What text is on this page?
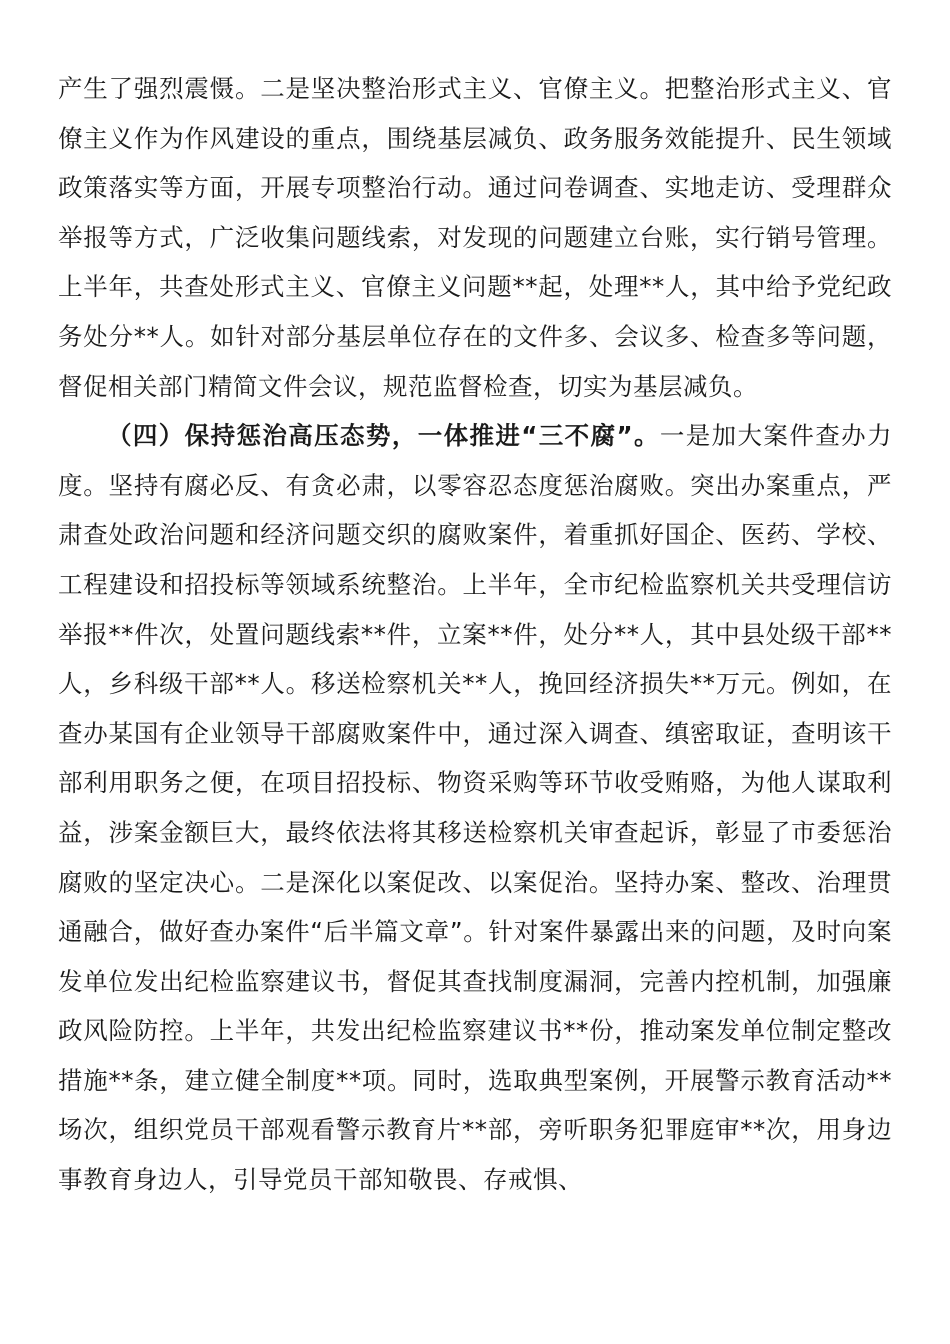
产生了强烈震慑。二是坚决整治形式主义、官僚主义。把整治形式主义、官僚主义作为作风建设的重点，围绕基层减负、政务服务效能提升、民生领域政策落实等方面，开展专项整治行动。通过问卷调查、实地走访、受理群众举报等方式，广泛收集问题线索，对发现的问题建立台账，实行销号管理。上半年，共查处形式主义、官僚主义问题**起，处理**人，其中给予党纪政务处分**人。如针对部分基层单位存在的文件多、会议多、检查多等问题，督促相关部门精简文件会议，规范监督检查，切实为基层减负。

（四）保持惩治高压态势，一体推进“三不腐”。一是加大案件查办力度。坚持有腐必反、有贪必肃，以零容忍态度惩治腐败。突出办案重点，严肃查处政治问题和经济问题交织的腐败案件，着重抓好国企、医药、学校、工程建设和招投标等领域系统整治。上半年，全市纪检监察机关共受理信访举报**件次，处置问题线索**件，立案**件，处分**人，其中县处级干部**人，乡科级干部**人。移送检察机关**人，挽回经济损失**万元。例如，在查办某国有企业领导干部腐败案件中，通过深入调查、缜密取证，查明该干部利用职务之便，在项目招投标、物资采购等环节收受贿赂，为他人谋取利益，涉案金额巨大，最终依法将其移送检察机关审查起诉，彰显了市委惩治腐败的坚定决心。二是深化以案促改、以案促治。坚持办案、整改、治理贯通融合，做好查办案件“后半篇文章”。针对案件暴露出来的问题，及时向案发单位发出纪检监察建议书，督促其查找制度漏洞，完善内控机制，加强廉政风险防控。上半年，共发出纪检监察建议书**份，推动案发单位制定整改措施**条，建立健全制度**项。同时，选取典型案例，开展警示教育活动**场次，组织党员干部观看警示教育片**部，旁听职务犯罪庭审**次，用身边事教育身边人，引导党员干部知敬畏、存戒惧、
